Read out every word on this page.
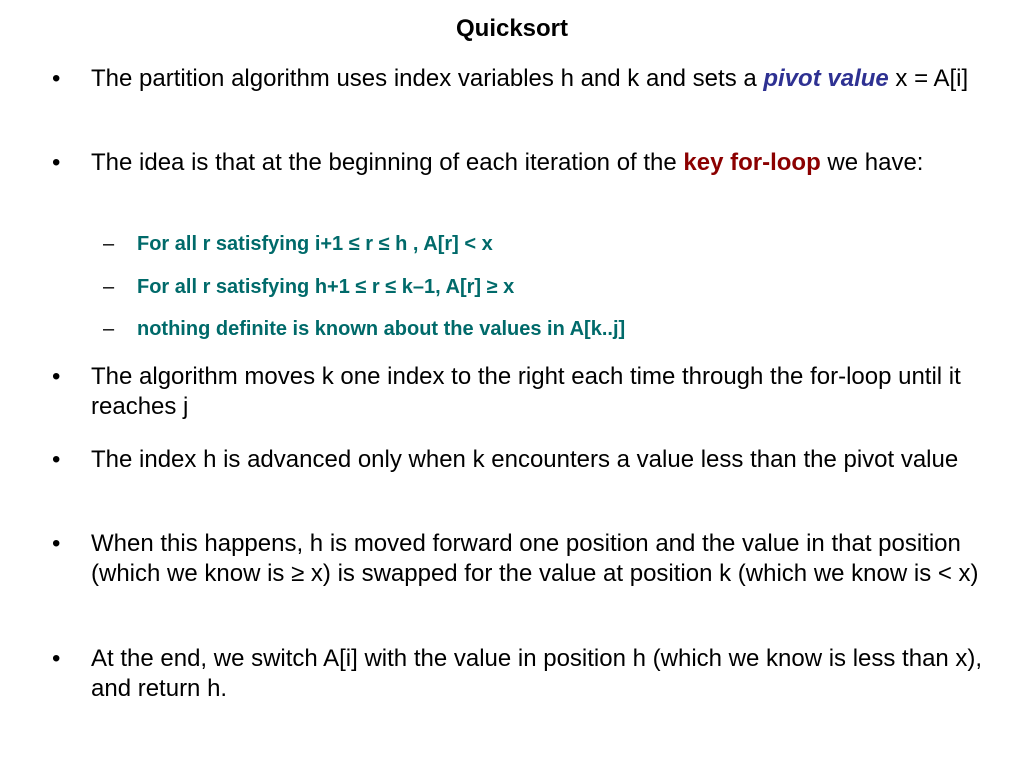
Quicksort
•	The partition algorithm uses index variables h and k and sets a pivot value x = A[i]
•	The idea is that at the beginning of each iteration of the key for-loop we have:
– For all r satisfying i+1 ≤ r ≤ h , A[r] < x
– For all r satisfying h+1 ≤ r ≤ k–1, A[r] ≥ x
– nothing definite is known about the values in A[k..j]
•	The algorithm moves k one index to the right each time through the for-loop until it reaches j
•	The index h is advanced only when k encounters a value less than the pivot value
•	When this happens, h is moved forward one position and the value in that position (which we know is ≥ x) is swapped for the value at position k (which we know is < x)
•	At the end, we switch A[i] with the value in position h (which we know is less than x), and return h.
